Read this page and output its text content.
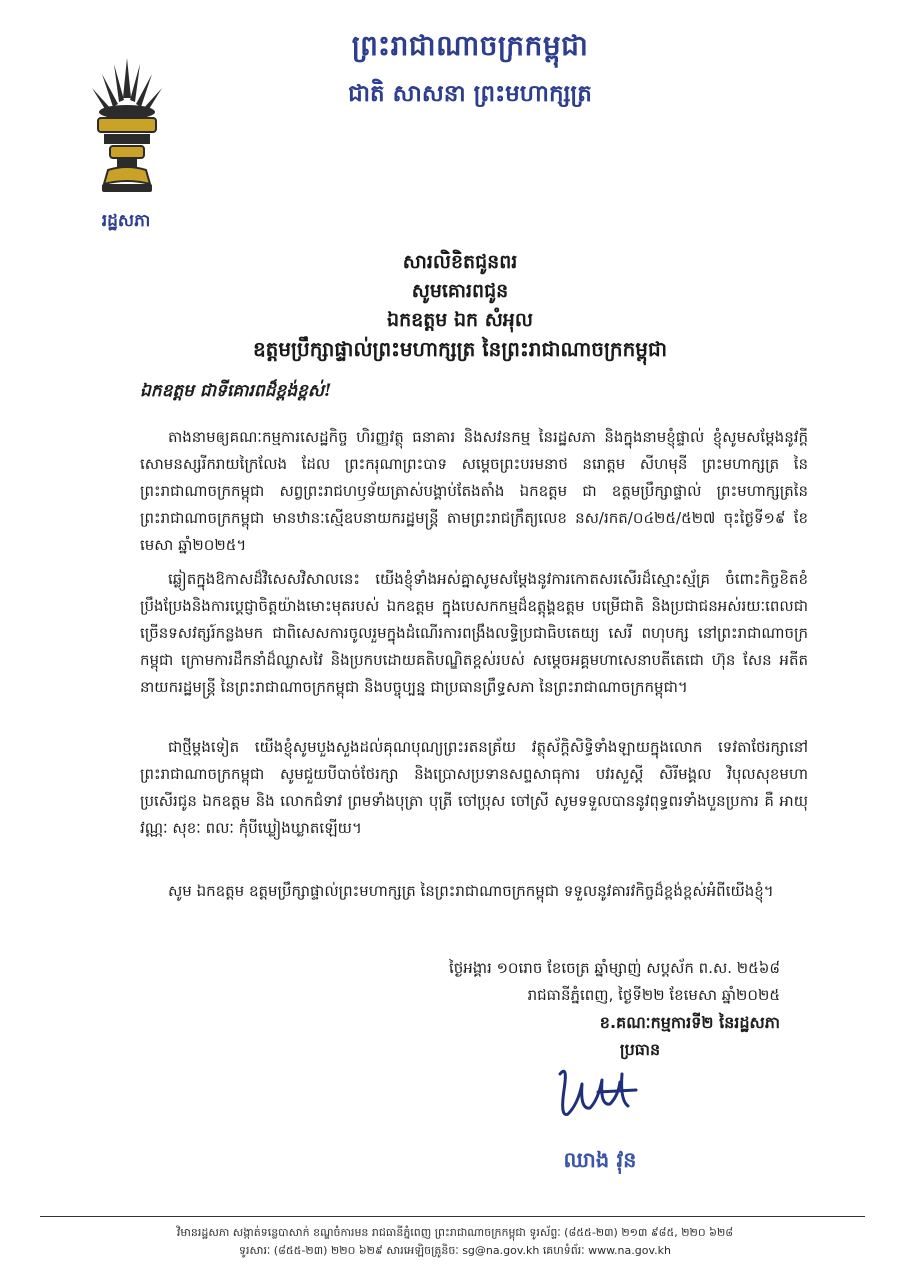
រដ្ឋសភា
ព្រះរាជាណាចក្រកម្ពុជា
ជាតិ សាសនា ព្រះមហាក្សត្រ
សារលិខិតជូនពរ
សូមគោរពជូន
ឯកឧត្តម ឯក សំអុល
ឧត្តមប្រឹក្សាផ្ទាល់ព្រះមហាក្សត្រ នៃព្រះរាជាណាចក្រកម្ពុជា
ឯកឧត្តម ជាទីគោរពដ៏ខ្ពង់ខ្ពស់!
តាងនាមឲ្យគណៈកម្មការសេដ្ឋកិច្ច ហិរញ្ញវត្ថុ ធនាគារ និងសវនកម្ម នៃរដ្ឋសភា និងក្នុងនាមខ្ញុំផ្ទាល់ ខ្ញុំសូមសម្តែងនូវក្តីសោមនស្សរីករាយក្រៃលែង ដែល ព្រះករុណាព្រះបាទ សម្តេចព្រះបរមនាថ នរោត្តម សីហមុនី ព្រះមហាក្សត្រ នៃព្រះរាជាណាចក្រកម្ពុជា សព្វព្រះរាជហឫទ័យត្រាស់បង្គាប់តែងតាំង ឯកឧត្តម ជា ឧត្តមប្រឹក្សាផ្ទាល់ ព្រះមហាក្សត្រនៃព្រះរាជាណាចក្រកម្ពុជា មានឋានៈស្មើឧបនាយករដ្ឋមន្ត្រី តាមព្រះរាជក្រឹត្យលេខ នស/រកត/០៤២៥/៥២៧ ចុះថ្ងៃទី១៩ ខែមេសា ឆ្នាំ២០២៥។
ឆ្លៀតក្នុងឱកាសដ៏វិសេសវិសាលនេះ យើងខ្ញុំទាំងអស់គ្នាសូមសម្តែងនូវការកោតសរសើរដ៏ស្មោះស្ម័គ្រ ចំពោះកិច្ចខិតខំប្រឹងប្រែងនិងការប្តេជ្ញាចិត្តយ៉ាងមោះមុតរបស់ ឯកឧត្តម ក្នុងបេសកកម្មដ៏ឧត្តុង្គឧត្តម បម្រើជាតិ និងប្រជាជនអស់រយៈពេលជាច្រើនទសវត្សរ៍កន្លងមក ជាពិសេសការចូលរួមក្នុងដំណើរការពង្រឹងលទ្ធិប្រជាធិបតេយ្យ សេរី ពហុបក្ស នៅព្រះរាជាណាចក្រកម្ពុជា ក្រោមការដឹកនាំដ៏ឈ្លាសវៃ និងប្រកបដោយគតិបណ្ឌិតខ្ពស់របស់ សម្តេចអគ្គមហាសេនាបតីតេជោ ហ៊ុន សែន អតីតនាយករដ្ឋមន្ត្រី នៃព្រះរាជាណាចក្រកម្ពុជា និងបច្ចុប្បន្ន ជាប្រធានព្រឹទ្ធសភា នៃព្រះរាជាណាចក្រកម្ពុជា។
ជាថ្មីម្តងទៀត យើងខ្ញុំសូមបួងសួងដល់គុណបុណ្យព្រះរតនត្រ័យ វត្ថុស័ក្តិសិទ្ធិទាំងឡាយក្នុងលោក ទេវតាថែរក្សានៅព្រះរាជាណាចក្រកម្ពុជា សូមជួយបីបាច់ថែរក្សា និងប្រោសប្រទានសព្ទសាធុការ បវរសួស្តី សិរីមង្គល វិបុលសុខមហាប្រសើរជូន ឯកឧត្តម និង លោកជំទាវ ព្រមទាំងបុត្រា បុត្រី ចៅប្រុស ចៅស្រី សូមទទួលបាននូវពុទ្ធពរទាំងបួនប្រការ គឺ អាយុ វណ្ណៈ សុខៈ ពលៈ កុំបីឃ្លៀងឃ្លាតឡើយ។
សូម ឯកឧត្តម ឧត្តមប្រឹក្សាផ្ទាល់ព្រះមហាក្សត្រ នៃព្រះរាជាណាចក្រកម្ពុជា ទទួលនូវគារវកិច្ចដ៏ខ្ពង់ខ្ពស់អំពីយើងខ្ញុំ។
ថ្ងៃអង្គារ ១០រោច ខែចេត្រ ឆ្នាំម្សាញ់ សប្តស័ក ព.ស. ២៥៦៨
រាជធានីភ្នំពេញ, ថ្ងៃទី២២ ខែមេសា ឆ្នាំ២០២៥
ខ.គណៈកម្មការទី២ នៃរដ្ឋសភា
ប្រធាន
ឈាង វុន
វិមានរដ្ឋសភា សង្កាត់ទន្លេបាសាក់ ខណ្ឌចំការមន រាជធានីភ្នំពេញ ព្រះរាជាណាចក្រកម្ពុជា ទូរស័ព្ទៈ (៨៥៥-២៣) ២១៣ ៩៨៥, ២២០ ៦២៨
ទូរសារៈ (៨៥៥-២៣) ២២០ ៦២៩ សារអេឡិចត្រូនិចៈ sg@na.gov.kh គេហទំព័រៈ www.na.gov.kh
